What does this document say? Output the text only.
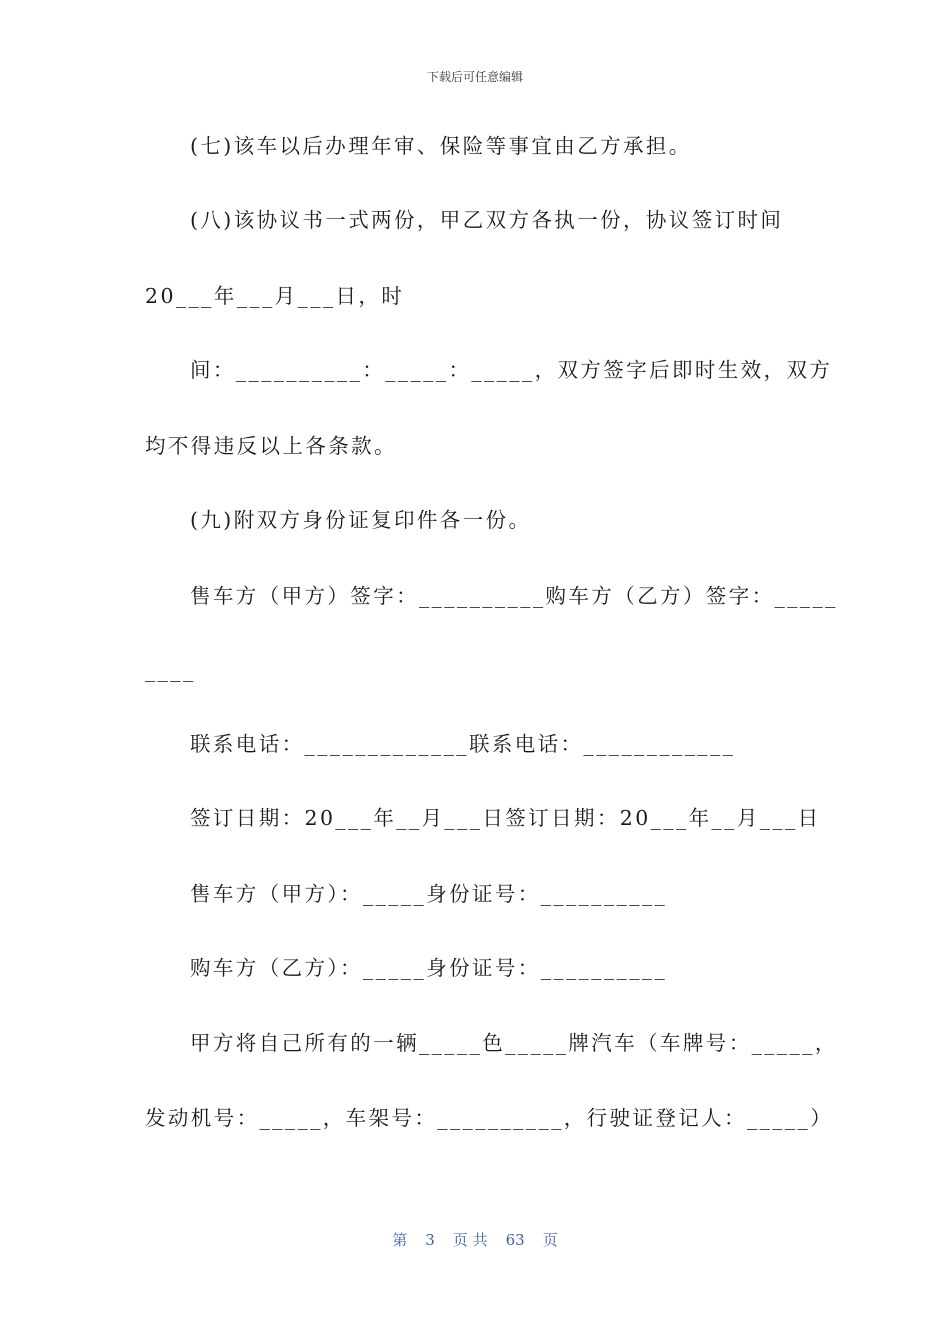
下载后可任意编辑
(七)该车以后办理年审、保险等事宜由乙方承担。
(八)该协议书一式两份，甲乙双方各执一份，协议签订时间
20___年___月___日，时
间：__________：_____：_____，双方签字后即时生效，双方
均不得违反以上各条款。
(九)附双方身份证复印件各一份。
售车方（甲方）签字：__________购车方（乙方）签字：_____
____
联系电话：_____________联系电话：____________
签订日期：20___年__月___日签订日期：20___年__月___日
售车方（甲方）：_____身份证号：__________
购车方（乙方）：_____身份证号：__________
甲方将自己所有的一辆_____色_____牌汽车（车牌号：_____，
发动机号：_____，车架号：__________，行驶证登记人：_____）
第 3 页 共 63 页
